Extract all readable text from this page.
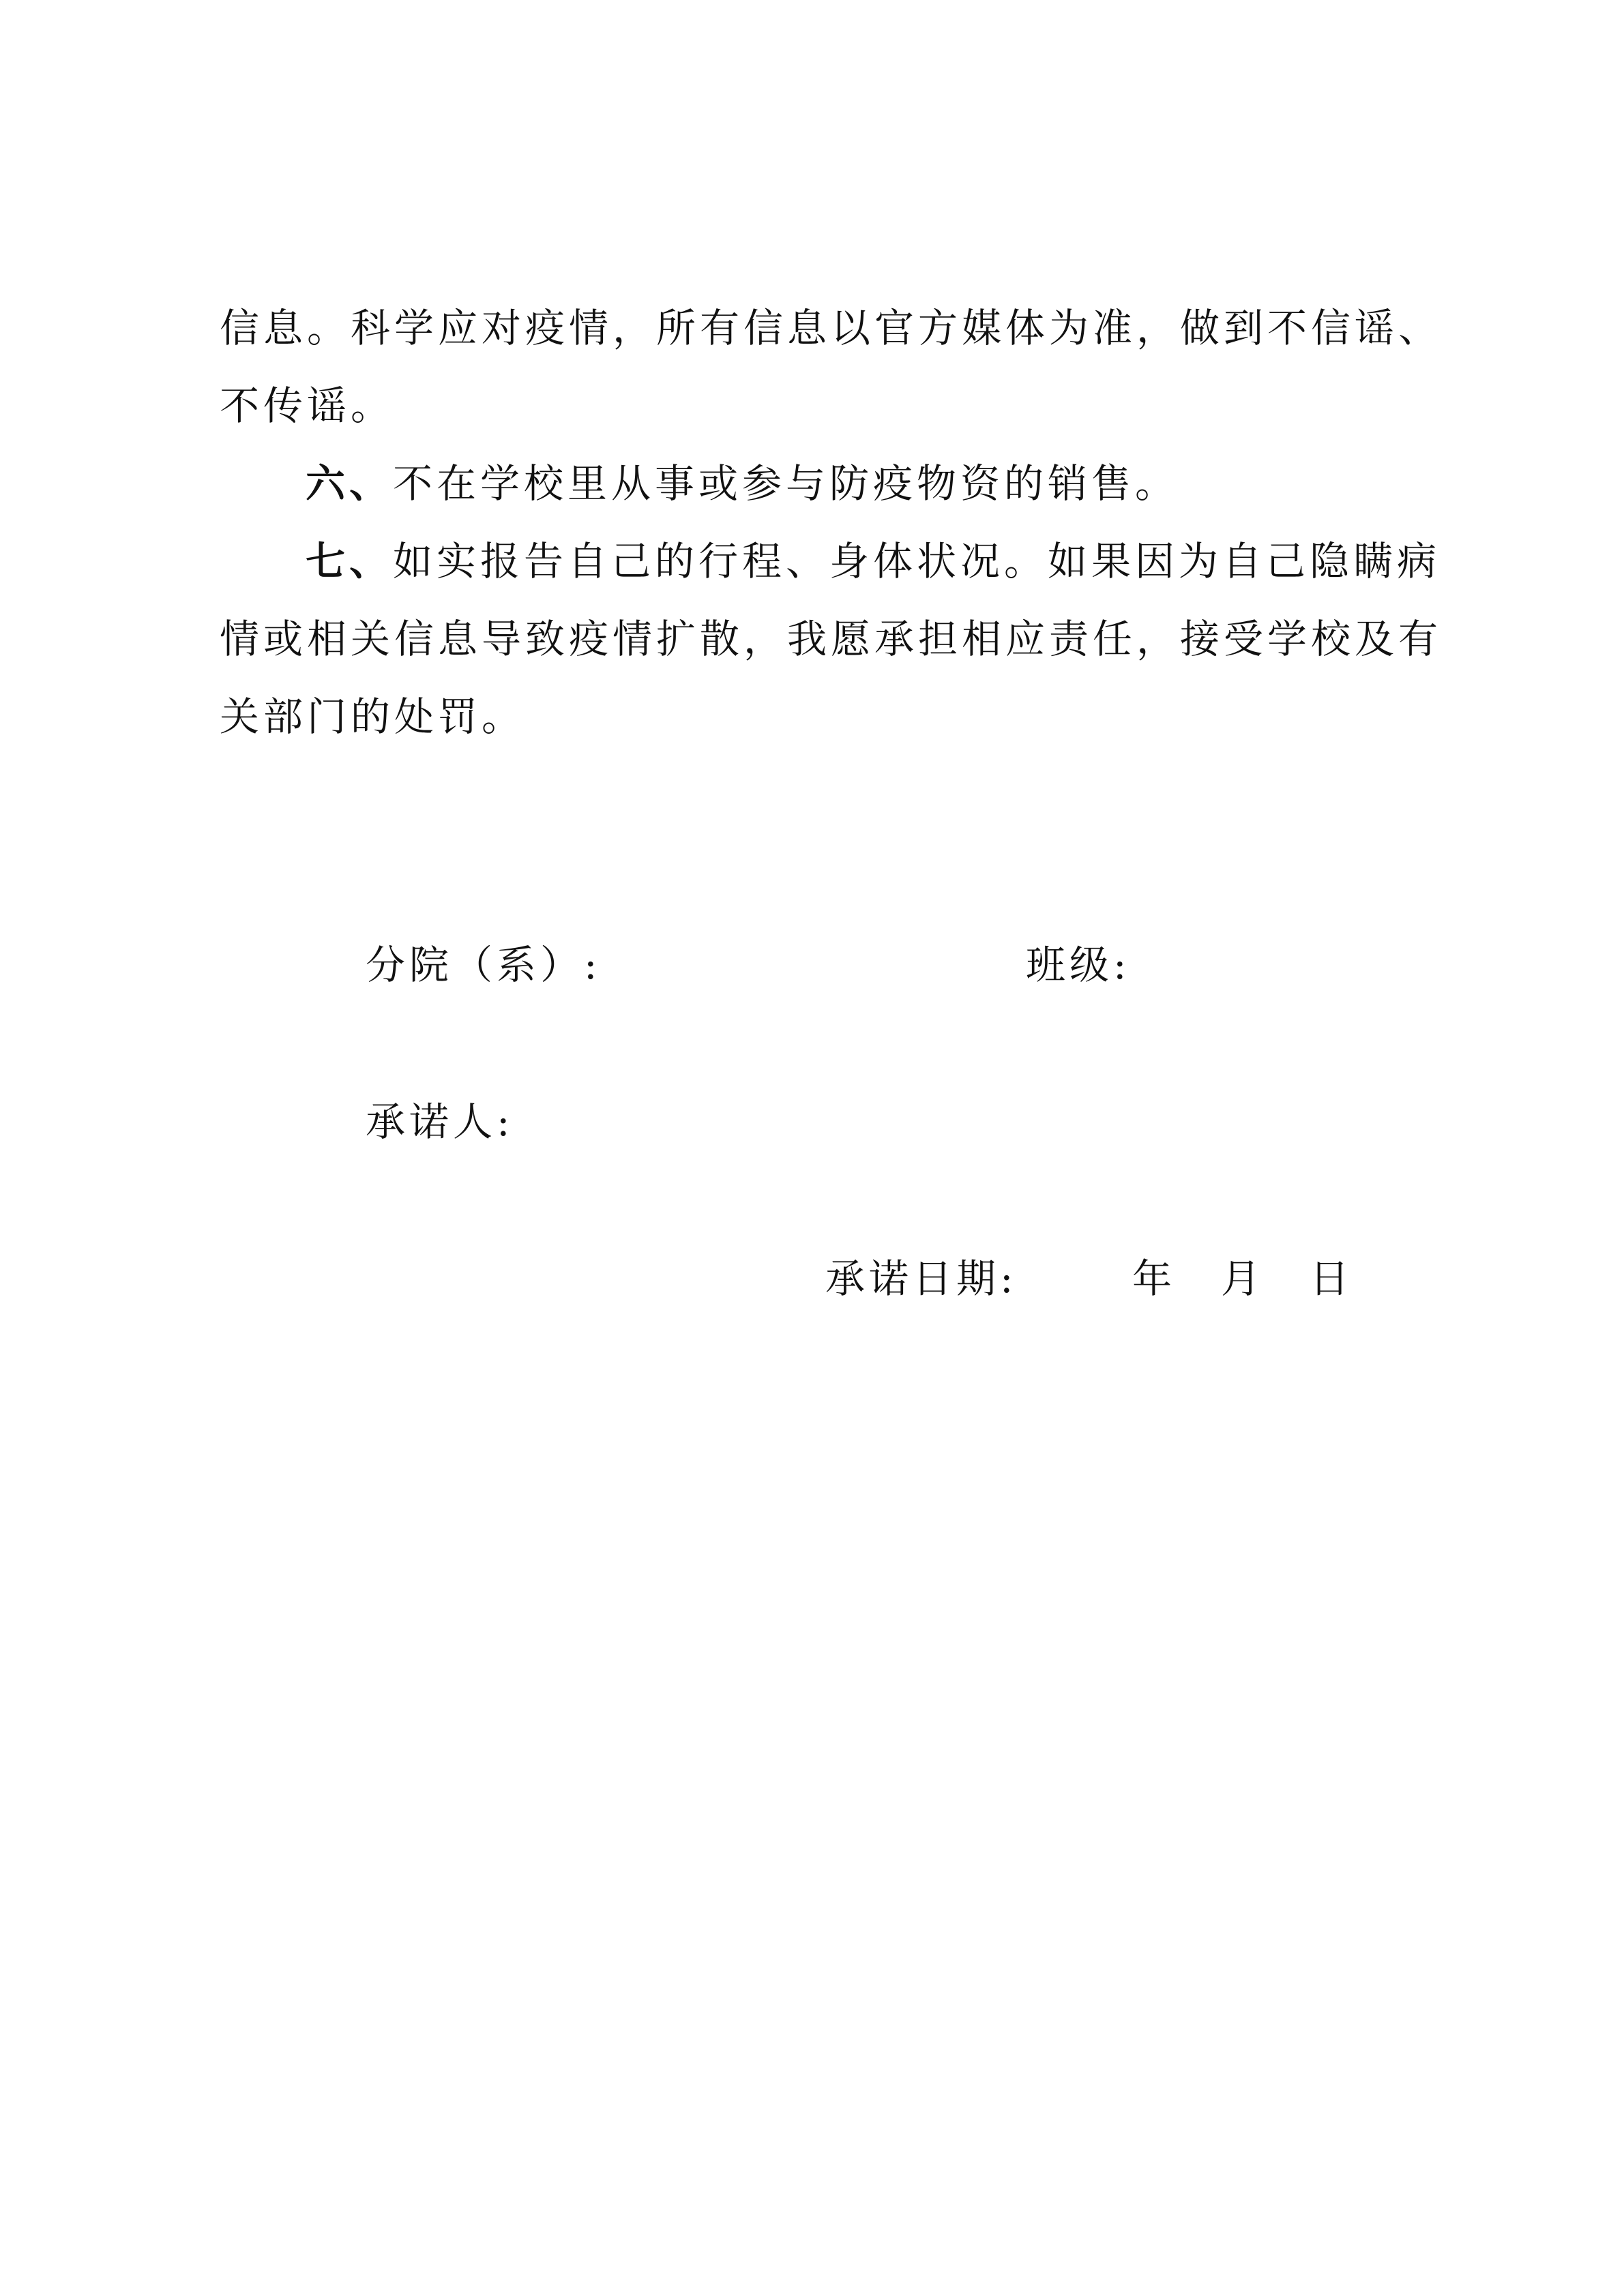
信息。科学应对疫情，所有信息以官方媒体为准，做到不信谣、
不传谣。
六、不在学校里从事或参与防疫物资的销售。
七、如实报告自己的行程、身体状况。如果因为自己隐瞒病
情或相关信息导致疫情扩散，我愿承担相应责任，接受学校及有
关部门的处罚。
分院（系）:	班级:
承诺人:
承诺日期:	年 月 日
